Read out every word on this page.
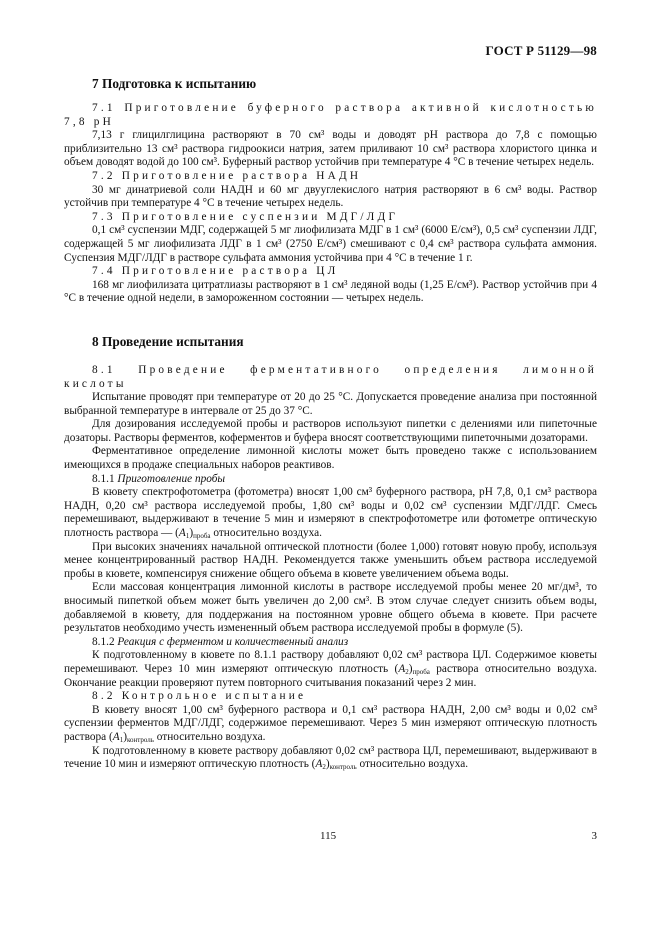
ГОСТ Р 51129—98
7 Подготовка к испытанию

7.1 Приготовление буферного раствора активной кислотностью 7,8 рН

7,13 г глицилглицина растворяют в 70 см³ воды и доводят рН раствора до 7,8 с помощью приблизительно 13 см³ раствора гидроокиси натрия, затем приливают 10 см³ раствора хлористого цинка и объем доводят водой до 100 см³. Буферный раствор устойчив при температуре 4 °С в течение четырех недель.

7.2 Приготовление раствора НАДН

30 мг динатриевой соли НАДН и 60 мг двууглекислого натрия растворяют в 6 см³ воды. Раствор устойчив при температуре 4 °С в течение четырех недель.

7.3 Приготовление суспензии МДГ/ЛДГ

0,1 см³ суспензии МДГ, содержащей 5 мг лиофилизата МДГ в 1 см³ (6000 Е/см³), 0,5 см³ суспензии ЛДГ, содержащей 5 мг лиофилизата ЛДГ в 1 см³ (2750 Е/см³) смешивают с 0,4 см³ раствора сульфата аммония. Суспензия МДГ/ЛДГ в растворе сульфата аммония устойчива при 4 °С в течение 1 г.

7.4 Приготовление раствора ЦЛ

168 мг лиофилизата цитратлиазы растворяют в 1 см³ ледяной воды (1,25 Е/см³). Раствор устойчив при 4 °С в течение одной недели, в замороженном состоянии — четырех недель.

8 Проведение испытания

8.1 Проведение ферментативного определения лимонной кислоты

Испытание проводят при температуре от 20 до 25 °С. Допускается проведение анализа при постоянной выбранной температуре в интервале от 25 до 37 °С.

Для дозирования исследуемой пробы и растворов используют пипетки с делениями или пипеточные дозаторы. Растворы ферментов, коферментов и буфера вносят соответствующими пипеточными дозаторами.

Ферментативное определение лимонной кислоты может быть проведено также с использованием имеющихся в продаже специальных наборов реактивов.

8.1.1 Приготовление пробы

В кювету спектрофотометра (фотометра) вносят 1,00 см³ буферного раствора, рН 7,8, 0,1 см³ раствора НАДН, 0,20 см³ раствора исследуемой пробы, 1,80 см³ воды и 0,02 см³ суспензии МДГ/ЛДГ. Смесь перемешивают, выдерживают в течение 5 мин и измеряют в спектрофотометре или фотометре оптическую плотность раствора — $(A_1)_{проба}$ относительно воздуха.

При высоких значениях начальной оптической плотности (более 1,000) готовят новую пробу, используя менее концентрированный раствор НАДН. Рекомендуется также уменьшить объем раствора исследуемой пробы в кювете, компенсируя снижение общего объема в кювете увеличением объема воды.

Если массовая концентрация лимонной кислоты в растворе исследуемой пробы менее 20 мг/дм³, то вносимый пипеткой объем может быть увеличен до 2,00 см³. В этом случае следует снизить объем воды, добавляемой в кювету, для поддержания на постоянном уровне общего объема в кювете. При расчете результатов необходимо учесть измененный объем раствора исследуемой пробы в формуле (5).

8.1.2 Реакция с ферментом и количественный анализ

К подготовленному в кювете по 8.1.1 раствору добавляют 0,02 см³ раствора ЦЛ. Содержимое кюветы перемешивают. Через 10 мин измеряют оптическую плотность $(A_2)_{проба}$ раствора относительно воздуха. Окончание реакции проверяют путем повторного считывания показаний через 2 мин.

8.2 Контрольное испытание

В кювету вносят 1,00 см³ буферного раствора и 0,1 см³ раствора НАДН, 2,00 см³ воды и 0,02 см³ суспензии ферментов МДГ/ЛДГ, содержимое перемешивают. Через 5 мин измеряют оптическую плотность раствора $(A_1)_{контроль}$ относительно воздуха.

К подготовленному в кювете раствору добавляют 0,02 см³ раствора ЦЛ, перемешивают, выдерживают в течение 10 мин и измеряют оптическую плотность $(A_2)_{контроль}$ относительно воздуха.

115	3
